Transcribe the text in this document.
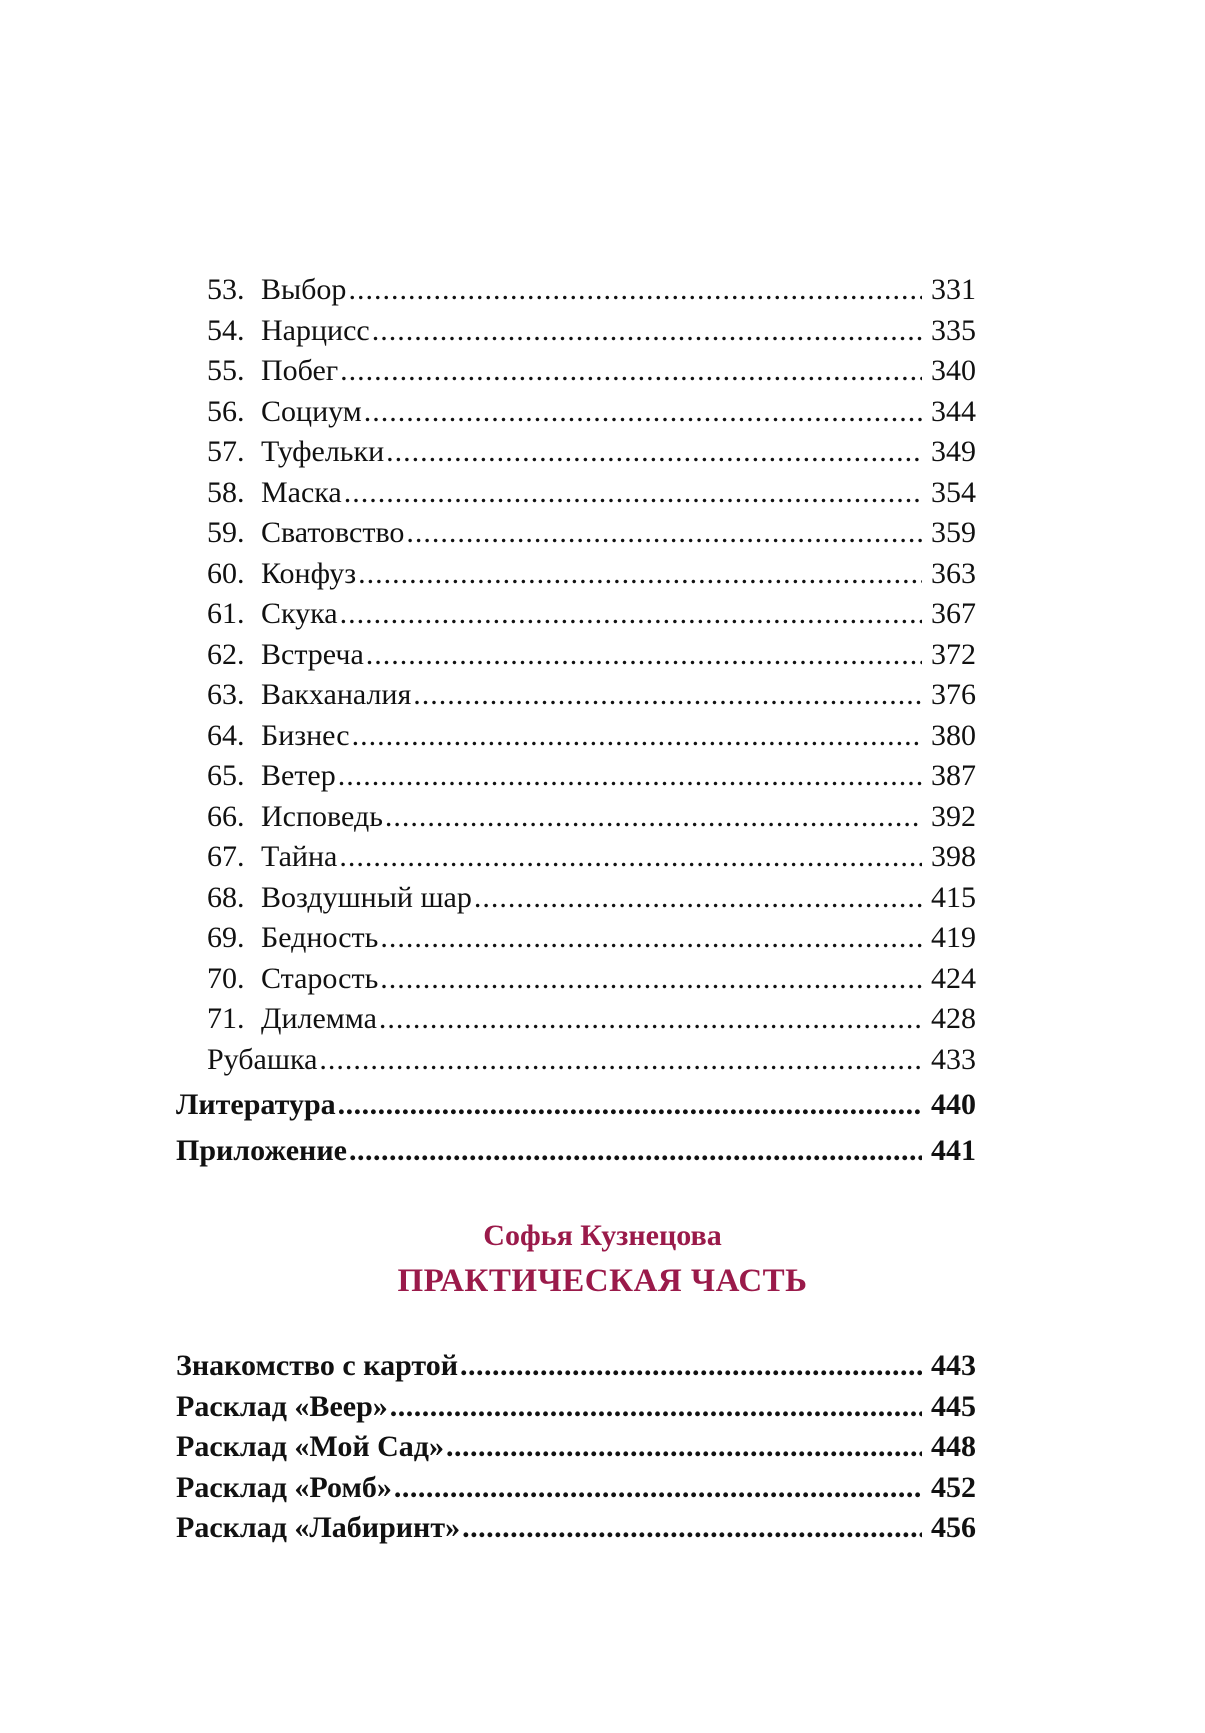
53. Выбор .....	331
54. Нарцисс .....	335
55. Побег .....	340
56. Социум .....	344
57. Туфельки .....	349
58. Маска .....	354
59. Сватовство .....	359
60. Конфуз .....	363
61. Скука .....	367
62. Встреча .....	372
63. Вакханалия .....	376
64. Бизнес .....	380
65. Ветер .....	387
66. Исповедь .....	392
67. Тайна .....	398
68. Воздушный шар .....	415
69. Бедность .....	419
70. Старость .....	424
71. Дилемма .....	428
Рубашка .....	433
Литература .....	440
Приложение .....	441
Софья Кузнецова
ПРАКТИЧЕСКАЯ ЧАСТЬ
Знакомство с картой .....	443
Расклад «Веер» .....	445
Расклад «Мой Сад» .....	448
Расклад «Ромб» .....	452
Расклад «Лабиринт» .....	456
